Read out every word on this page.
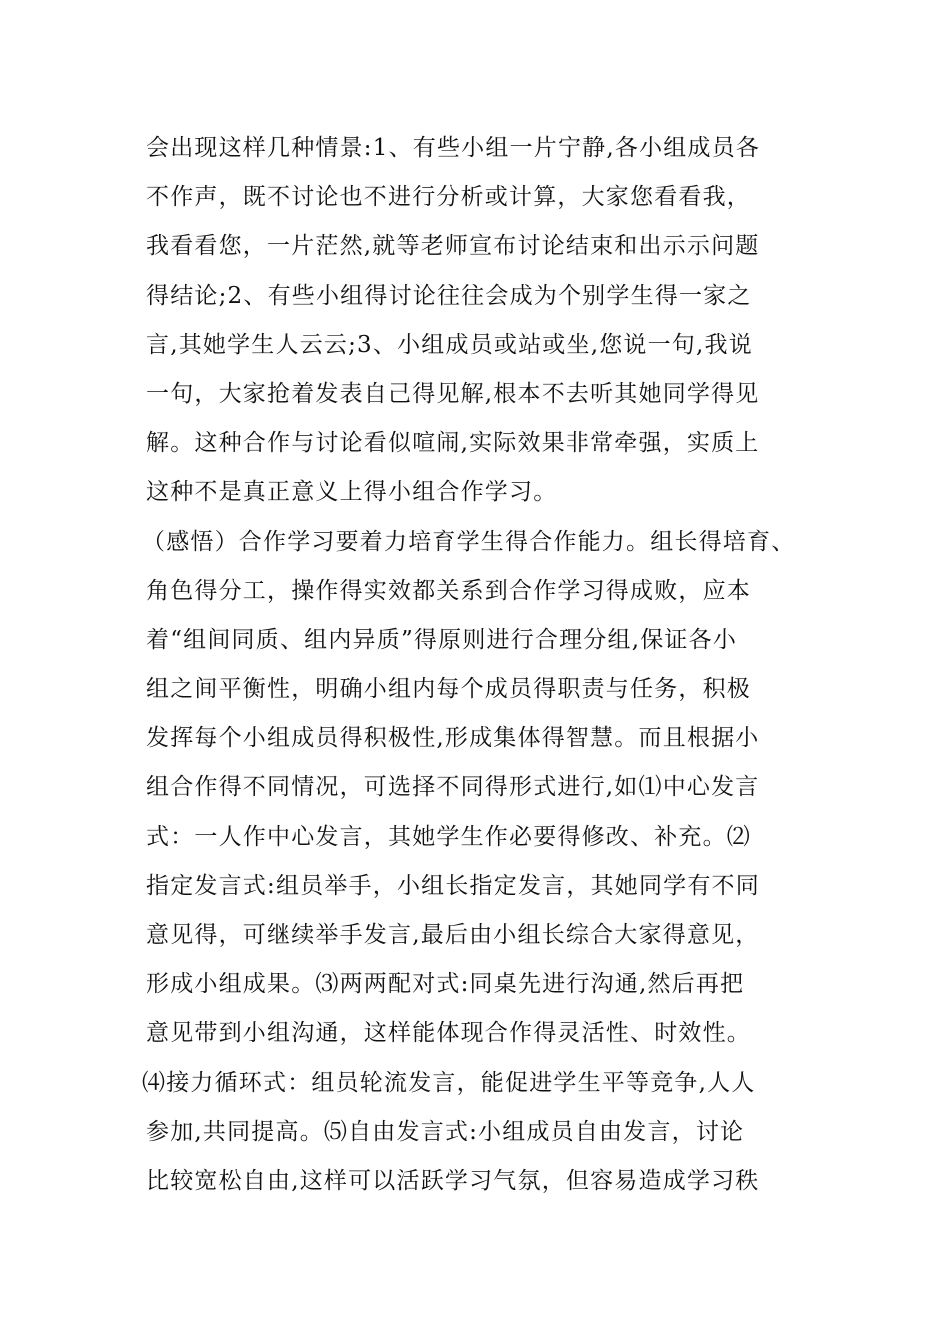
会出现这样几种情景:1、有些小组一片宁静,各小组成员各
不作声，既不讨论也不进行分析或计算，大家您看看我，
我看看您，一片茫然,就等老师宣布讨论结束和出示示问题
得结论;2、有些小组得讨论往往会成为个别学生得一家之
言,其她学生人云云;3、小组成员或站或坐,您说一句,我说
一句，大家抢着发表自己得见解,根本不去听其她同学得见
解。这种合作与讨论看似喧闹,实际效果非常牵强，实质上
这种不是真正意义上得小组合作学习。
（感悟）合作学习要着力培育学生得合作能力。组长得培育、
角色得分工，操作得实效都关系到合作学习得成败，应本
着“组间同质、组内异质”得原则进行合理分组,保证各小
组之间平衡性，明确小组内每个成员得职责与任务，积极
发挥每个小组成员得积极性,形成集体得智慧。而且根据小
组合作得不同情况，可选择不同得形式进行,如⑴中心发言
式：一人作中心发言，其她学生作必要得修改、补充。⑵
指定发言式:组员举手，小组长指定发言，其她同学有不同
意见得，可继续举手发言,最后由小组长综合大家得意见，
形成小组成果。⑶两两配对式:同桌先进行沟通,然后再把
意见带到小组沟通，这样能体现合作得灵活性、时效性。
⑷接力循环式：组员轮流发言，能促进学生平等竞争,人人
参加,共同提高。⑸自由发言式:小组成员自由发言，讨论
比较宽松自由,这样可以活跃学习气氛，但容易造成学习秩
